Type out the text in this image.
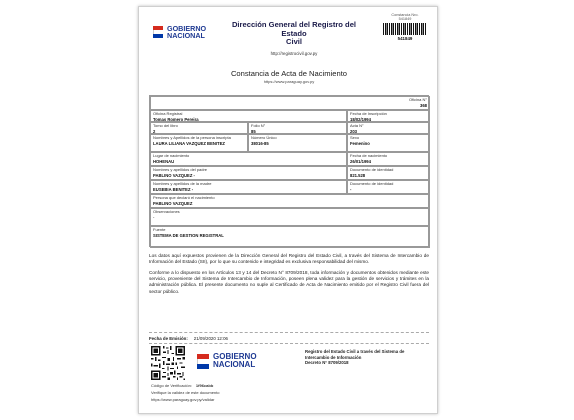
GOBIERNO
NACIONAL
Dirección General del Registro del Estado
Civil
http://registrocivil.gov.py
Constancia Nro.
541849
541849
Constancia de Acta de Nacimiento
https://www.paraguay.gov.py
Oficina N°
368
Oficina Registral
Tomas Romero Pereira
Fecha de Inscripción
18/02/1994
Tomo del libro
2
Folio N°
85
Acta N°
203
Nombres y Apellidos de la persona inscripta
LAURA LILIANA VAZQUEZ BENITEZ
Número Único
38016-85
Sexo
Femenino
Lugar de nacimiento
HOHENAU
Fecha de nacimiento
26/01/1994
Nombres y apellidos del padre
PABLINO VAZQUEZ -
Documento de identidad
821.528
Nombres y apellidos de la madre
EUSEBIA BENITEZ -
Documento de identidad
-
Persona que declaró el nacimiento
PABLINO VAZQUEZ
Observaciones
-
Fuente
SISTEMA DE GESTION REGISTRAL

Los datos aquí expuestos provienen de la Dirección General del Registro del Estado Civil, a través del Sistema de Intercambio de Información del Estado (SII), por lo que su contenido e integridad es exclusiva responsabilidad del mismo.

Conforme a lo dispuesto en los Artículos 13 y 14 del Decreto N° 8709/2018, toda información y documentos obtenidos mediante este servicio, proveniente del Sistema de Intercambio de Información, poseen plena validez para la gestión de servicios y trámites en la administración pública. El presente documento no suple al Certificado de Acta de Nacimiento emitido por el Registro Civil fuera del sector público.

Fecha de Emisión: 21/09/2020 12:06
GOBIERNO
NACIONAL
Registro del Estado Civil a través del Sistema de
Intercambio de Información
Decreto N° 8709/2018
Código de Verificación: 1f96cabb
Verifique la validez de este documento
https://www.paraguay.gov.py/validar
